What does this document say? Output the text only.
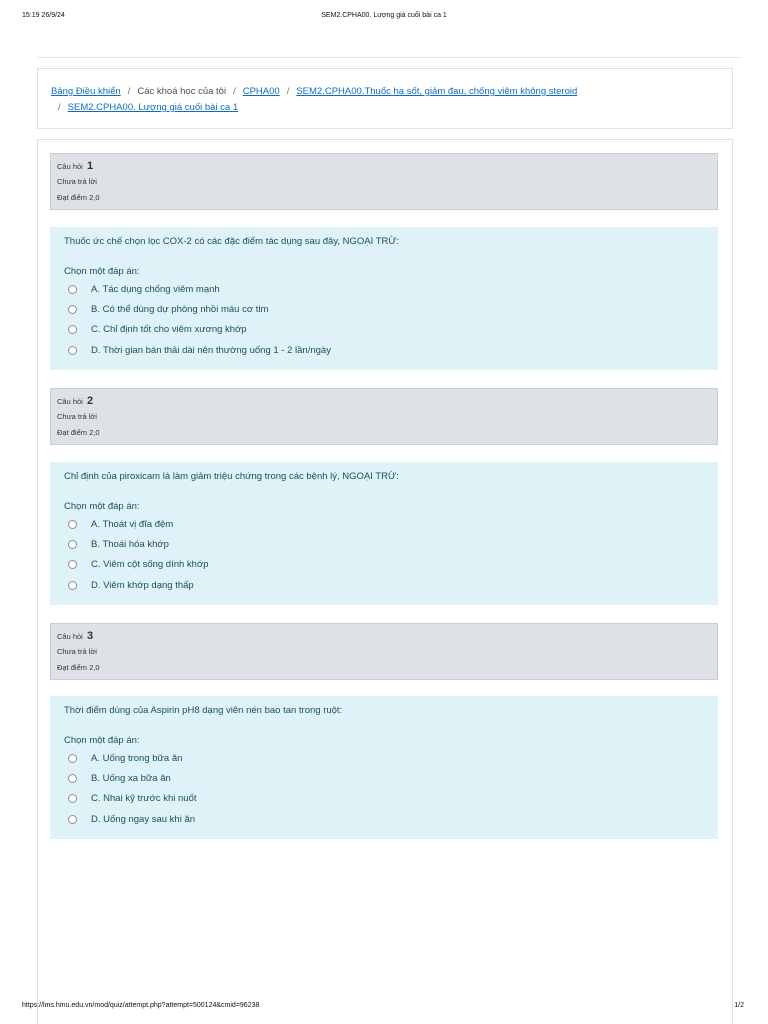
15:19 26/9/24	SEM2.CPHA00. Lượng giá cuối bài ca 1
Bảng Điều khiển / Các khoá học của tôi / CPHA00 / SEM2.CPHA00.Thuốc hạ sốt, giảm đau, chống viêm không steroid
/ SEM2.CPHA00. Lượng giá cuối bài ca 1
Câu hỏi 1
Chưa trả lời
Đạt điểm 2,0
Thuốc ức chế chọn lọc COX-2 có các đặc điểm tác dụng sau đây, NGOẠI TRỪ:
Chọn một đáp án:
A. Tác dụng chống viêm mạnh
B. Có thể dùng dự phòng nhồi máu cơ tim
C. Chỉ định tốt cho viêm xương khớp
D. Thời gian bán thải dài nên thường uống 1 - 2 lần/ngày
Câu hỏi 2
Chưa trả lời
Đạt điểm 2,0
Chỉ định của piroxicam là làm giảm triệu chứng trong các bệnh lý, NGOẠI TRỪ:
Chọn một đáp án:
A. Thoát vị đĩa đệm
B. Thoái hóa khớp
C. Viêm cột sống dính khớp
D. Viêm khớp dạng thấp
Câu hỏi 3
Chưa trả lời
Đạt điểm 2,0
Thời điểm dùng của Aspirin pH8 dạng viên nén bao tan trong ruột:
Chọn một đáp án:
A. Uống trong bữa ăn
B. Uống xa bữa ăn
C. Nhai kỹ trước khi nuốt
D. Uống ngay sau khi ăn
https://lms.hmu.edu.vn/mod/quiz/attempt.php?attempt=500124&cmid=96238	1/2
